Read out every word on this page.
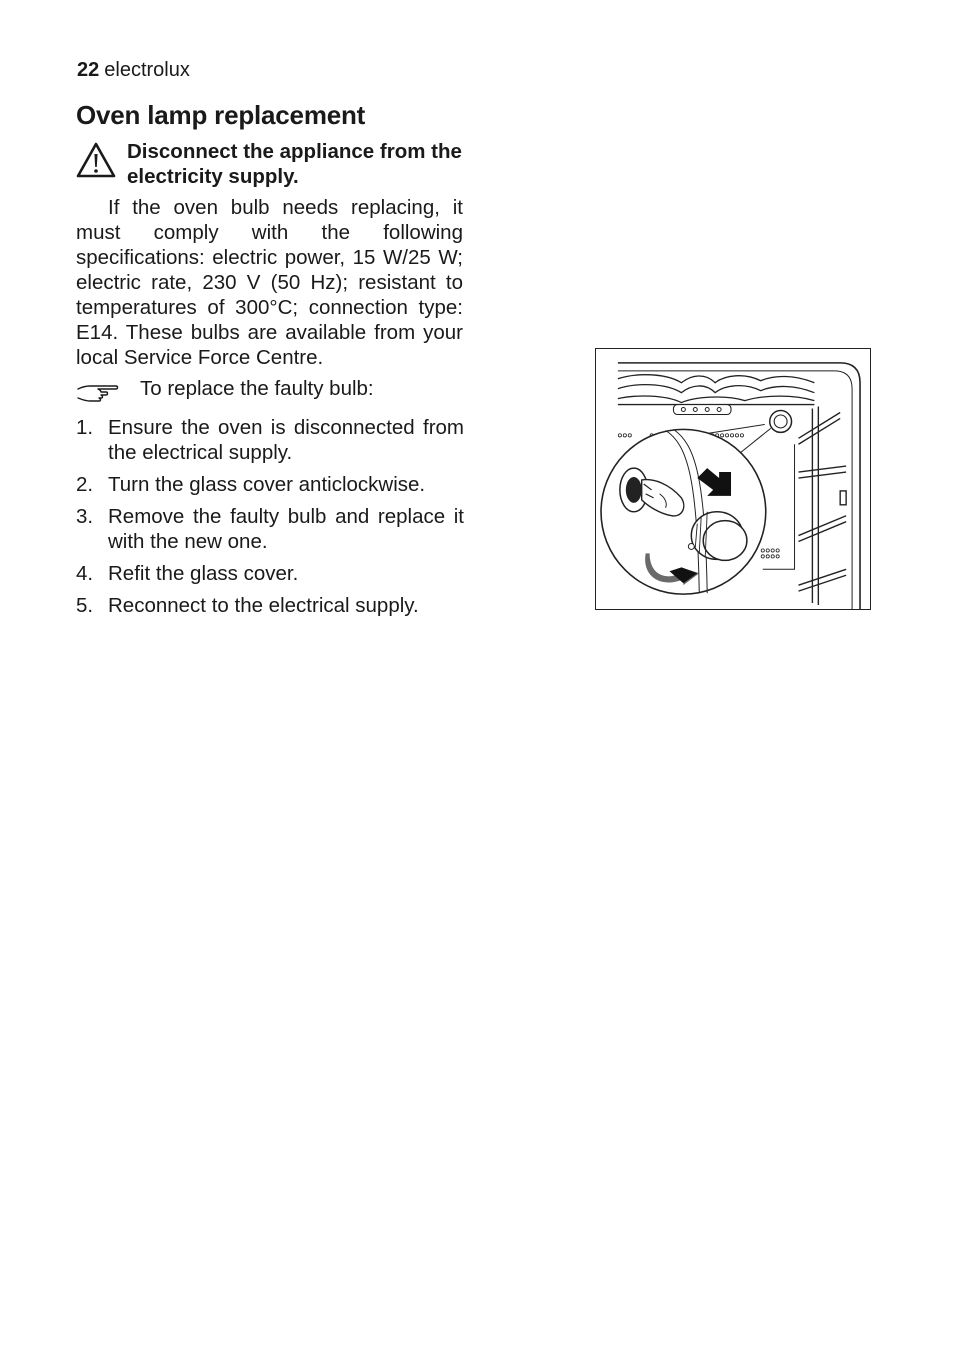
22 electrolux
Oven lamp replacement
Disconnect the appliance from the electricity supply.

If the oven bulb needs replacing, it must comply with the following specifications: electric power, 15 W/25 W; electric rate, 230 V (50 Hz); resistant to temperatures of 300°C; connection type: E14. These bulbs are available from your local Service Force Centre.

To replace the faulty bulb:
1. Ensure the oven is disconnected from the electrical supply.
2. Turn the glass cover anticlockwise.
3. Remove the faulty bulb and replace it with the new one.
4. Refit the glass cover.
5. Reconnect to the electrical supply.
